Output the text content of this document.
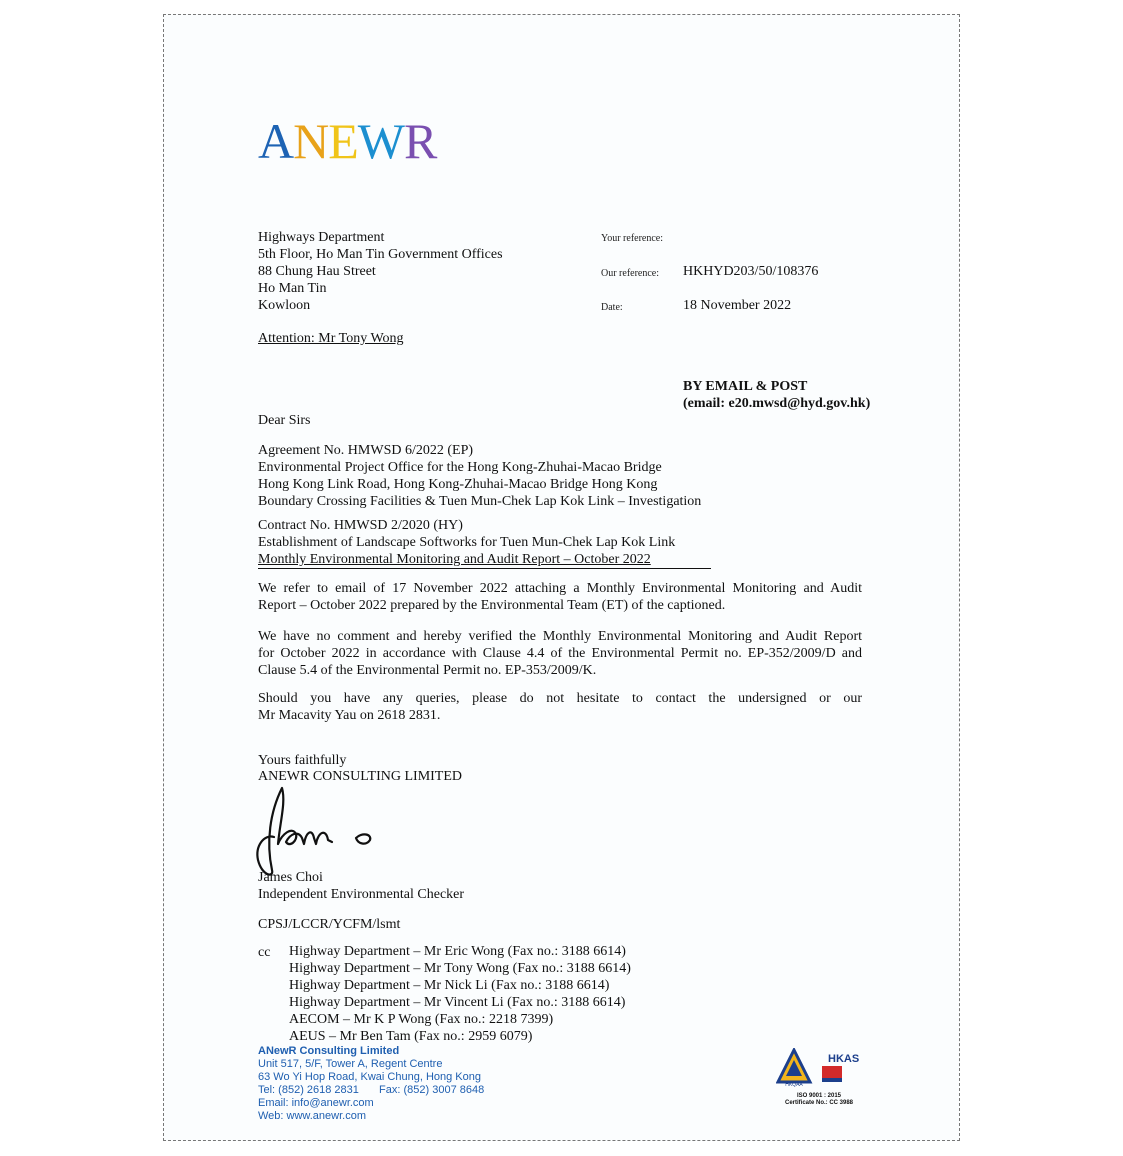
ANEWR
Highways Department
5th Floor, Ho Man Tin Government Offices
88 Chung Hau Street
Ho Man Tin
Kowloon
Attention: Mr Tony Wong
Your reference:
Our reference: HKHYD203/50/108376
Date:	18 November 2022
BY EMAIL & POST
(email: e20.mwsd@hyd.gov.hk)
Dear Sirs
Agreement No. HMWSD 6/2022 (EP)
Environmental Project Office for the Hong Kong-Zhuhai-Macao Bridge
Hong Kong Link Road, Hong Kong-Zhuhai-Macao Bridge Hong Kong
Boundary Crossing Facilities & Tuen Mun-Chek Lap Kok Link – Investigation
Contract No. HMWSD 2/2020 (HY)
Establishment of Landscape Softworks for Tuen Mun-Chek Lap Kok Link
Monthly Environmental Monitoring and Audit Report – October 2022
We refer to email of 17 November 2022 attaching a Monthly Environmental Monitoring and Audit
Report – October 2022 prepared by the Environmental Team (ET) of the captioned.
We have no comment and hereby verified the Monthly Environmental Monitoring and Audit Report
for October 2022 in accordance with Clause 4.4 of the Environmental Permit no. EP-352/2009/D and
Clause 5.4 of the Environmental Permit no. EP-353/2009/K.
Should you have any queries, please do not hesitate to contact the undersigned or our
Mr Macavity Yau on 2618 2831.
Yours faithfully
ANEWR CONSULTING LIMITED
James Choi
Independent Environmental Checker
CPSJ/LCCR/YCFM/lsmt
cc Highway Department – Mr Eric Wong (Fax no.: 3188 6614)
Highway Department – Mr Tony Wong (Fax no.: 3188 6614)
Highway Department – Mr Nick Li (Fax no.: 3188 6614)
Highway Department – Mr Vincent Li (Fax no.: 3188 6614)
AECOM – Mr K P Wong (Fax no.: 2218 7399)
AEUS – Mr Ben Tam (Fax no.: 2959 6079)
ANewR Consulting Limited
Unit 517, 5/F, Tower A, Regent Centre
63 Wo Yi Hop Road, Kwai Chung, Hong Kong
Tel: (852) 2618 2831 Fax: (852) 3007 8648
Email: info@anewr.com
Web: www.anewr.com
HKQAA
HKAS
ISO 9001 : 2015
Certificate No.: CC 3988
